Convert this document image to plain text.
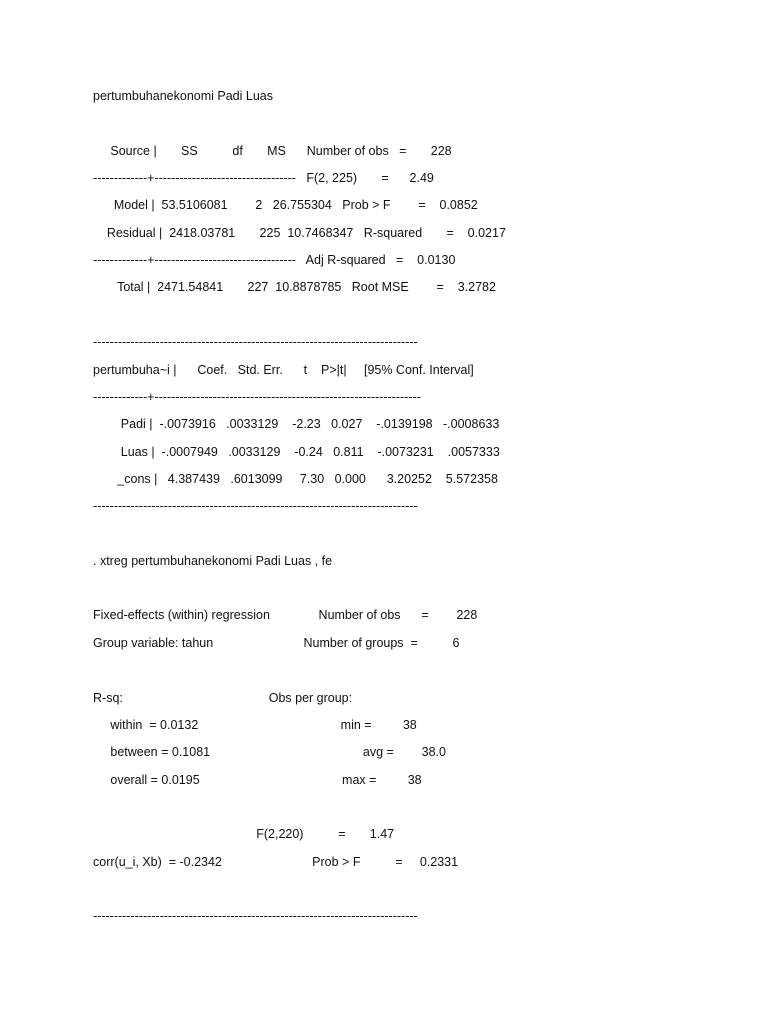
pertumbuhanekonomi Padi Luas

Source |       SS          df       MS      Number of obs   =       228

-------------+----------------------------------   F(2, 225)       =      2.49

Model |  53.5106081        2   26.755304   Prob > F        =    0.0852

Residual |  2418.03781       225  10.7468347   R-squared       =    0.0217

-------------+----------------------------------   Adj R-squared   =    0.0130

Total |  2471.54841       227  10.8878785   Root MSE        =    3.2782

------------------------------------------------------------------------------

pertumbuha~i |      Coef.   Std. Err.      t    P>|t|     [95% Conf. Interval]

-------------+----------------------------------------------------------------

Padi |  -.0073916   .0033129    -2.23   0.027    -.0139198   -.0008633

Luas |  -.0007949   .0033129    -0.24   0.811    -.0073231    .0057333

_cons |   4.387439   .6013099     7.30   0.000      3.20252    5.572358

------------------------------------------------------------------------------

. xtreg pertumbuhanekonomi Padi Luas , fe

Fixed-effects (within) regression              Number of obs      =        228

Group variable: tahun                          Number of groups  =          6

R-sq:                                          Obs per group:

within  = 0.0132                                         min =         38

between = 0.1081                                            avg =        38.0

overall = 0.0195                                         max =         38

F(2,220)          =       1.47

corr(u_i, Xb)  = -0.2342                          Prob > F          =     0.2331

------------------------------------------------------------------------------
